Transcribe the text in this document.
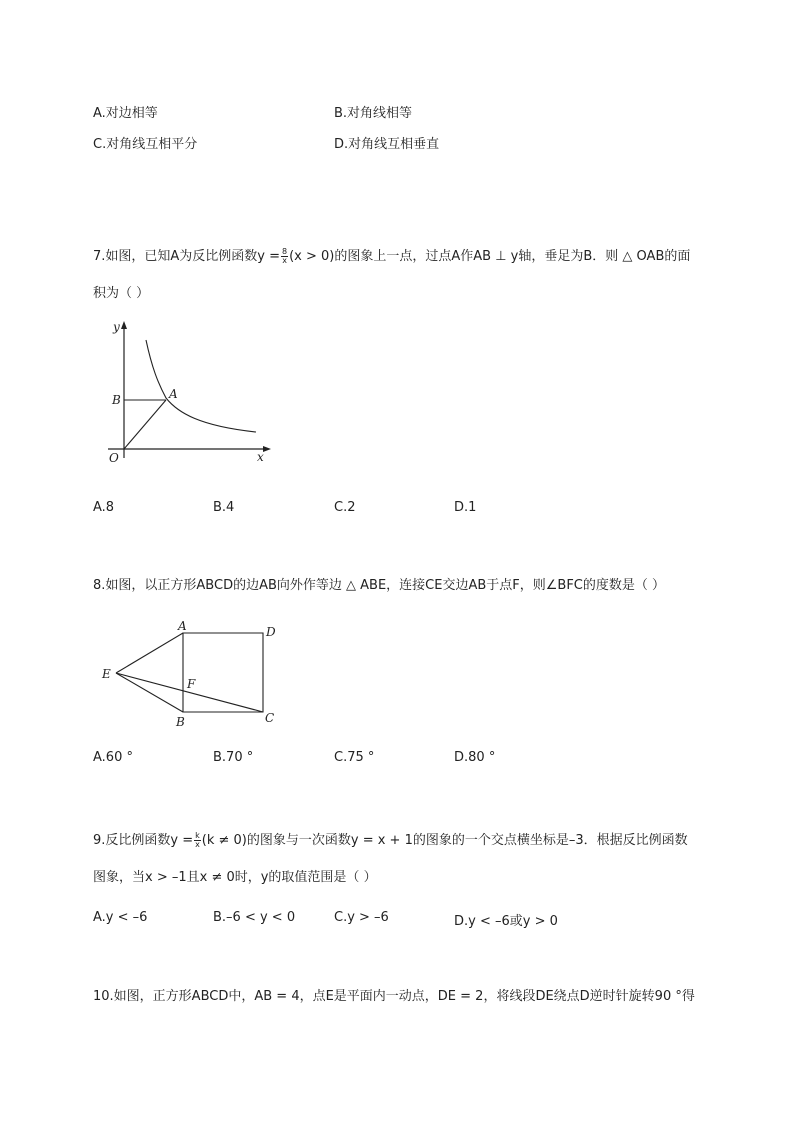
A.对边相等	B.对角线相等
C.对角线互相平分	D.对角线互相垂直
7.如图，已知A为反比例函数$y = \frac{8}{x} (x > 0)$的图象上一点，过点A作AB ⊥ y轴，垂足为B．则 △ OAB的面
积为（ ）
y
x
O
A
B
A.8	B.4	C.2	D.1
8.如图，以正方形ABCD的边AB向外作等边 △ ABE，连接CE交边AB于点F，则∠BFC的度数是（ ）
A	D
C
B
E
F
A.60 °	B.70 °	C.75 °	D.80 °
9.反比例函数$y = \frac{k}{x} (k \ne 0)$的图象与一次函数y = x + 1的图象的一个交点横坐标是–3．根据反比例函数
图象，当x > –1且x ≠ 0时，y的取值范围是（ ）
A.y < –6	B.–6 < y < 0	C.y > –6	D.y < –6或y > 0
10.如图，正方形ABCD中，AB = 4，点E是平面内一动点，DE = 2，将线段DE绕点D逆时针旋转90 °得
